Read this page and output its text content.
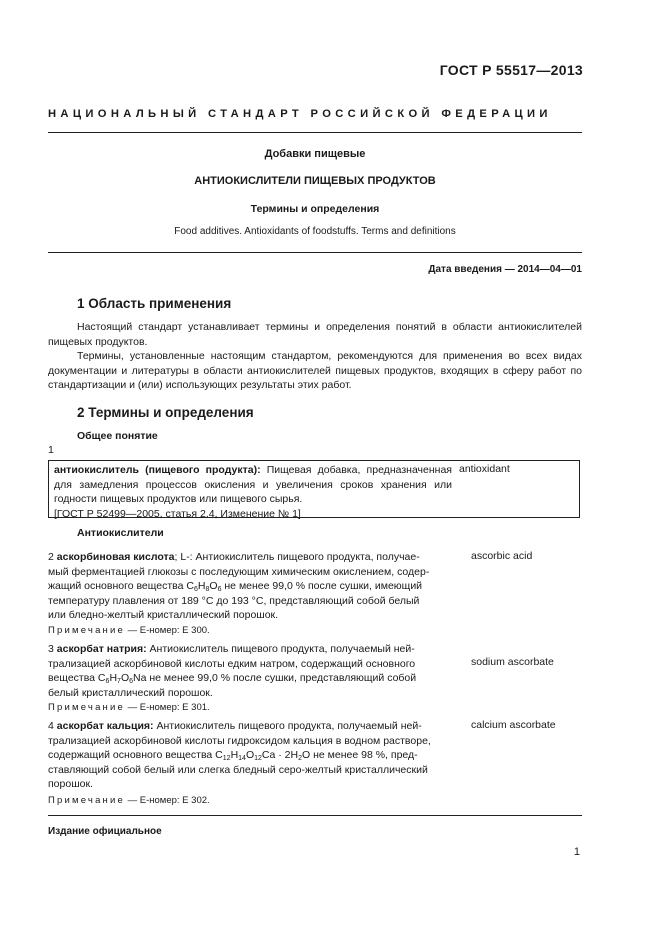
ГОСТ Р 55517—2013
НАЦИОНАЛЬНЫЙ СТАНДАРТ РОССИЙСКОЙ ФЕДЕРАЦИИ
Добавки пищевые
АНТИОКИСЛИТЕЛИ ПИЩЕВЫХ ПРОДУКТОВ
Термины и определения
Food additives. Antioxidants of foodstuffs. Terms and definitions
Дата введения — 2014—04—01
1 Область применения
Настоящий стандарт устанавливает термины и определения понятий в области антиокислителей пищевых продуктов.
Термины, установленные настоящим стандартом, рекомендуются для применения во всех видах документации и литературы в области антиокислителей пищевых продуктов, входящих в сферу работ по стандартизации и (или) использующих результаты этих работ.
2 Термины и определения
Общее понятие
1
антиокислитель (пищевого продукта): Пищевая добавка, предназначенная для замедления процессов окисления и увеличения сроков хранения или годности пищевых продуктов или пищевого сырья.
[ГОСТ Р 52499—2005, статья 2.4, Изменение № 1]
antioxidant
Антиокислители
2 аскорбиновая кислота; L-: Антиокислитель пищевого продукта, получае-
мый ферментацией глюкозы с последующим химическим окислением, содер-
жащий основного вещества $C_6H_8O_6$ не менее 99,0 % после сушки, имеющий
температуру плавления от 189 °C до 193 °C, представляющий собой белый
или бледно-желтый кристаллический порошок.
ascorbic acid
Примечание — Е-номер: Е 300.
3 аскорбат натрия: Антиокислитель пищевого продукта, получаемый ней-
трализацией аскорбиновой кислоты едким натром, содержащий основного
вещества $C_6H_7O_6Na$ не менее 99,0 % после сушки, представляющий собой
белый кристаллический порошок.
sodium ascorbate
Примечание — Е-номер: Е 301.
4 аскорбат кальция: Антиокислитель пищевого продукта, получаемый ней-
трализацией аскорбиновой кислоты гидроксидом кальция в водном растворе,
содержащий основного вещества $C_{12}H_{14}O_{12}Ca \cdot 2H_2O$ не менее 98 %, пред-
ставляющий собой белый или слегка бледный серо-желтый кристаллический
порошок.
calcium ascorbate
Примечание — Е-номер: Е 302.
Издание официальное
1
